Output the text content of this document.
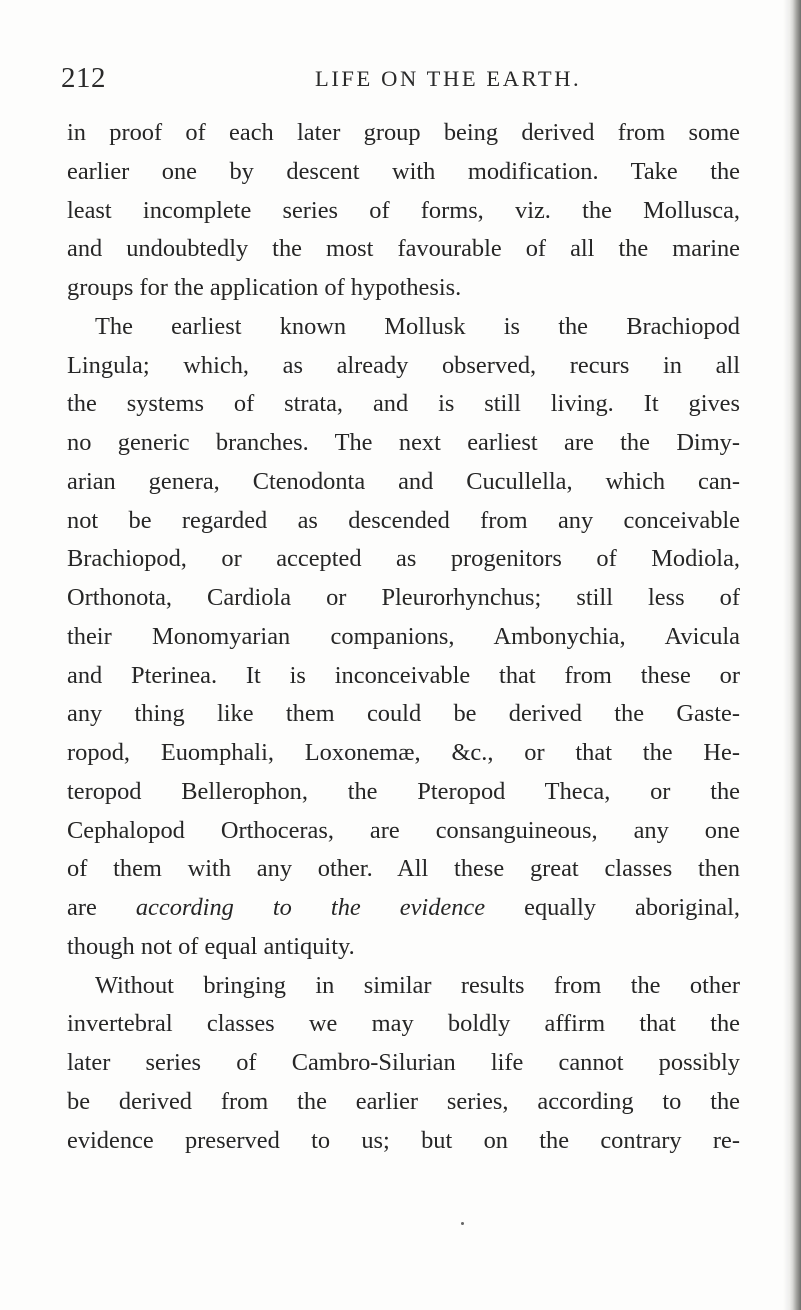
212	LIFE ON THE EARTH.
in proof of each later group being derived from some
earlier one by descent with modification. Take the
least incomplete series of forms, viz. the Mollusca,
and undoubtedly the most favourable of all the marine
groups for the application of hypothesis.
The earliest known Mollusk is the Brachiopod
Lingula; which, as already observed, recurs in all
the systems of strata, and is still living. It gives
no generic branches. The next earliest are the Dimy-
arian genera, Ctenodonta and Cucullella, which can-
not be regarded as descended from any conceivable
Brachiopod, or accepted as progenitors of Modiola,
Orthonota, Cardiola or Pleurorhynchus; still less of
their Monomyarian companions, Ambonychia, Avicula
and Pterinea. It is inconceivable that from these or
any thing like them could be derived the Gaste-
ropod, Euomphali, Loxonemæ, &c., or that the He-
teropod Bellerophon, the Pteropod Theca, or the
Cephalopod Orthoceras, are consanguineous, any one
of them with any other. All these great classes then
are according to the evidence equally aboriginal,
though not of equal antiquity.
Without bringing in similar results from the other
invertebral classes we may boldly affirm that the
later series of Cambro-Silurian life cannot possibly
be derived from the earlier series, according to the
evidence preserved to us; but on the contrary re-
